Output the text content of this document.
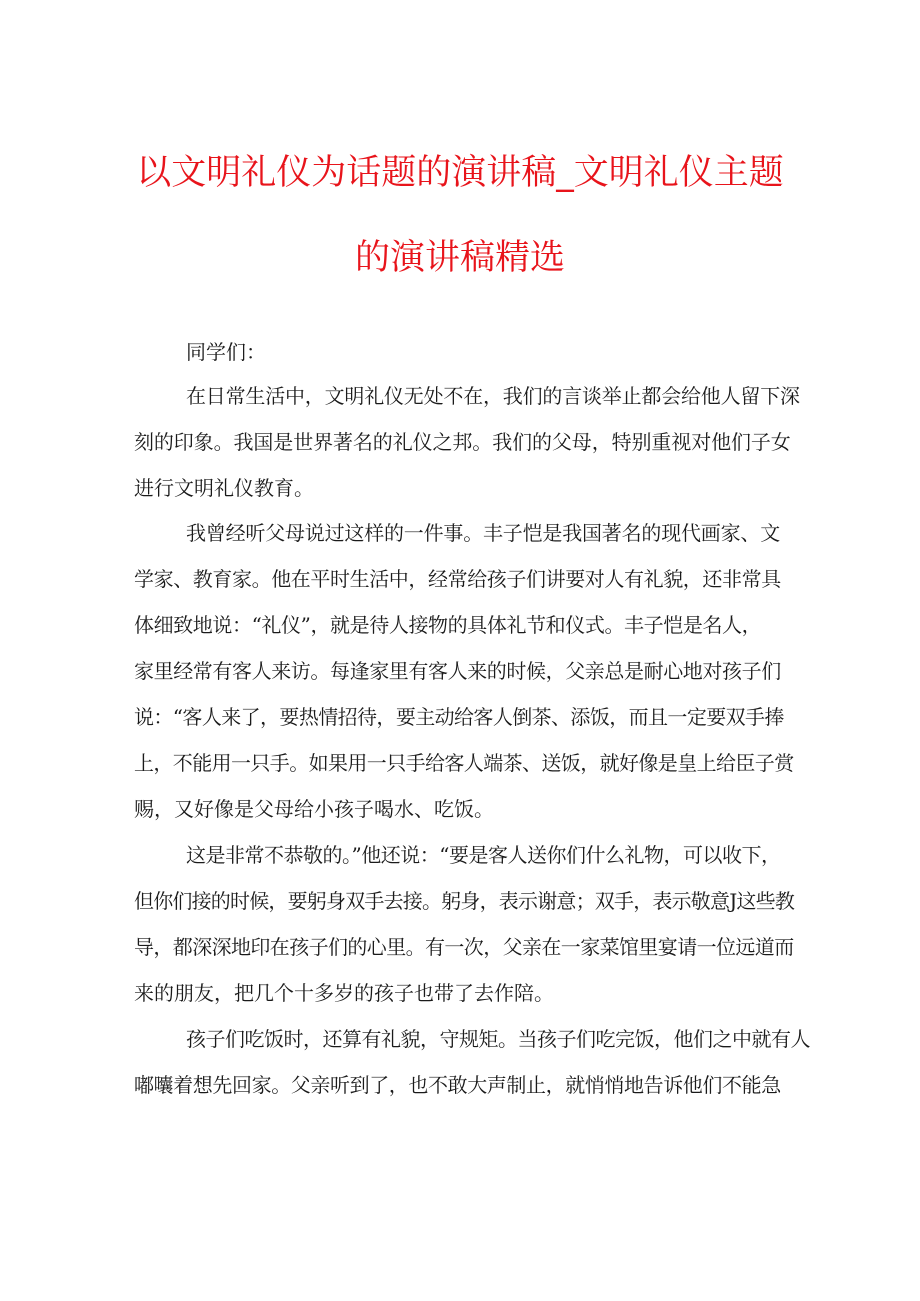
以文明礼仪为话题的演讲稿_文明礼仪主题
的演讲稿精选
同学们：
在日常生活中，文明礼仪无处不在，我们的言谈举止都会给他人留下深
刻的印象。我国是世界著名的礼仪之邦。我们的父母，特别重视对他们子女
进行文明礼仪教育。
我曾经听父母说过这样的一件事。丰子恺是我国著名的现代画家、文
学家、教育家。他在平时生活中，经常给孩子们讲要对人有礼貌，还非常具
体细致地说：“礼仪”，就是待人接物的具体礼节和仪式。丰子恺是名人，
家里经常有客人来访。每逢家里有客人来的时候，父亲总是耐心地对孩子们
说：“客人来了，要热情招待，要主动给客人倒茶、添饭，而且一定要双手捧
上，不能用一只手。如果用一只手给客人端茶、送饭，就好像是皇上给臣子赏
赐，又好像是父母给小孩子喝水、吃饭。
这是非常不恭敬的。”他还说：“要是客人送你们什么礼物，可以收下，
但你们接的时候，要躬身双手去接。躬身，表示谢意；双手，表示敬意J这些教
导，都深深地印在孩子们的心里。有一次，父亲在一家菜馆里宴请一位远道而
来的朋友，把几个十多岁的孩子也带了去作陪。
孩子们吃饭时，还算有礼貌，守规矩。当孩子们吃完饭，他们之中就有人
嘟囔着想先回家。父亲听到了，也不敢大声制止，就悄悄地告诉他们不能急
